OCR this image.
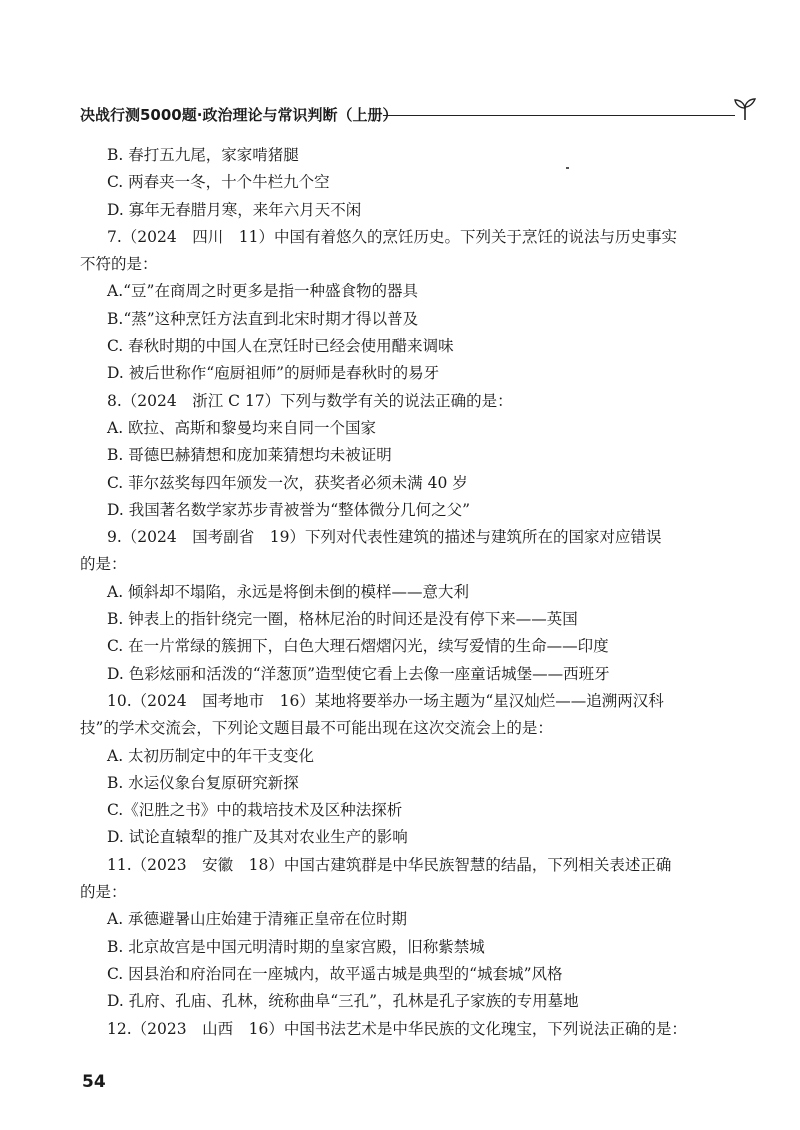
决战行测5000题·政治理论与常识判断（上册）
B. 春打五九尾，家家啃猪腿
C. 两春夹一冬，十个牛栏九个空
D. 寡年无春腊月寒，来年六月天不闲
7.（2024　四川　11）中国有着悠久的烹饪历史。下列关于烹饪的说法与历史事实
不符的是：
A.“豆”在商周之时更多是指一种盛食物的器具
B.“蒸”这种烹饪方法直到北宋时期才得以普及
C. 春秋时期的中国人在烹饪时已经会使用醋来调味
D. 被后世称作“庖厨祖师”的厨师是春秋时的易牙
8.（2024　浙江 C 17）下列与数学有关的说法正确的是：
A. 欧拉、高斯和黎曼均来自同一个国家
B. 哥德巴赫猜想和庞加莱猜想均未被证明
C. 菲尔兹奖每四年颁发一次，获奖者必须未满 40 岁
D. 我国著名数学家苏步青被誉为“整体微分几何之父”
9.（2024　国考副省　19）下列对代表性建筑的描述与建筑所在的国家对应错误
的是：
A. 倾斜却不塌陷，永远是将倒未倒的模样——意大利
B. 钟表上的指针绕完一圈，格林尼治的时间还是没有停下来——英国
C. 在一片常绿的簇拥下，白色大理石熠熠闪光，续写爱情的生命——印度
D. 色彩炫丽和活泼的“洋葱顶”造型使它看上去像一座童话城堡——西班牙
10.（2024　国考地市　16）某地将要举办一场主题为“星汉灿烂——追溯两汉科
技”的学术交流会，下列论文题目最不可能出现在这次交流会上的是：
A. 太初历制定中的年干支变化
B. 水运仪象台复原研究新探
C.《氾胜之书》中的栽培技术及区种法探析
D. 试论直辕犁的推广及其对农业生产的影响
11.（2023　安徽　18）中国古建筑群是中华民族智慧的结晶，下列相关表述正确
的是：
A. 承德避暑山庄始建于清雍正皇帝在位时期
B. 北京故宫是中国元明清时期的皇家宫殿，旧称紫禁城
C. 因县治和府治同在一座城内，故平遥古城是典型的“城套城”风格
D. 孔府、孔庙、孔林，统称曲阜“三孔”，孔林是孔子家族的专用墓地
12.（2023　山西　16）中国书法艺术是中华民族的文化瑰宝，下列说法正确的是：
54
